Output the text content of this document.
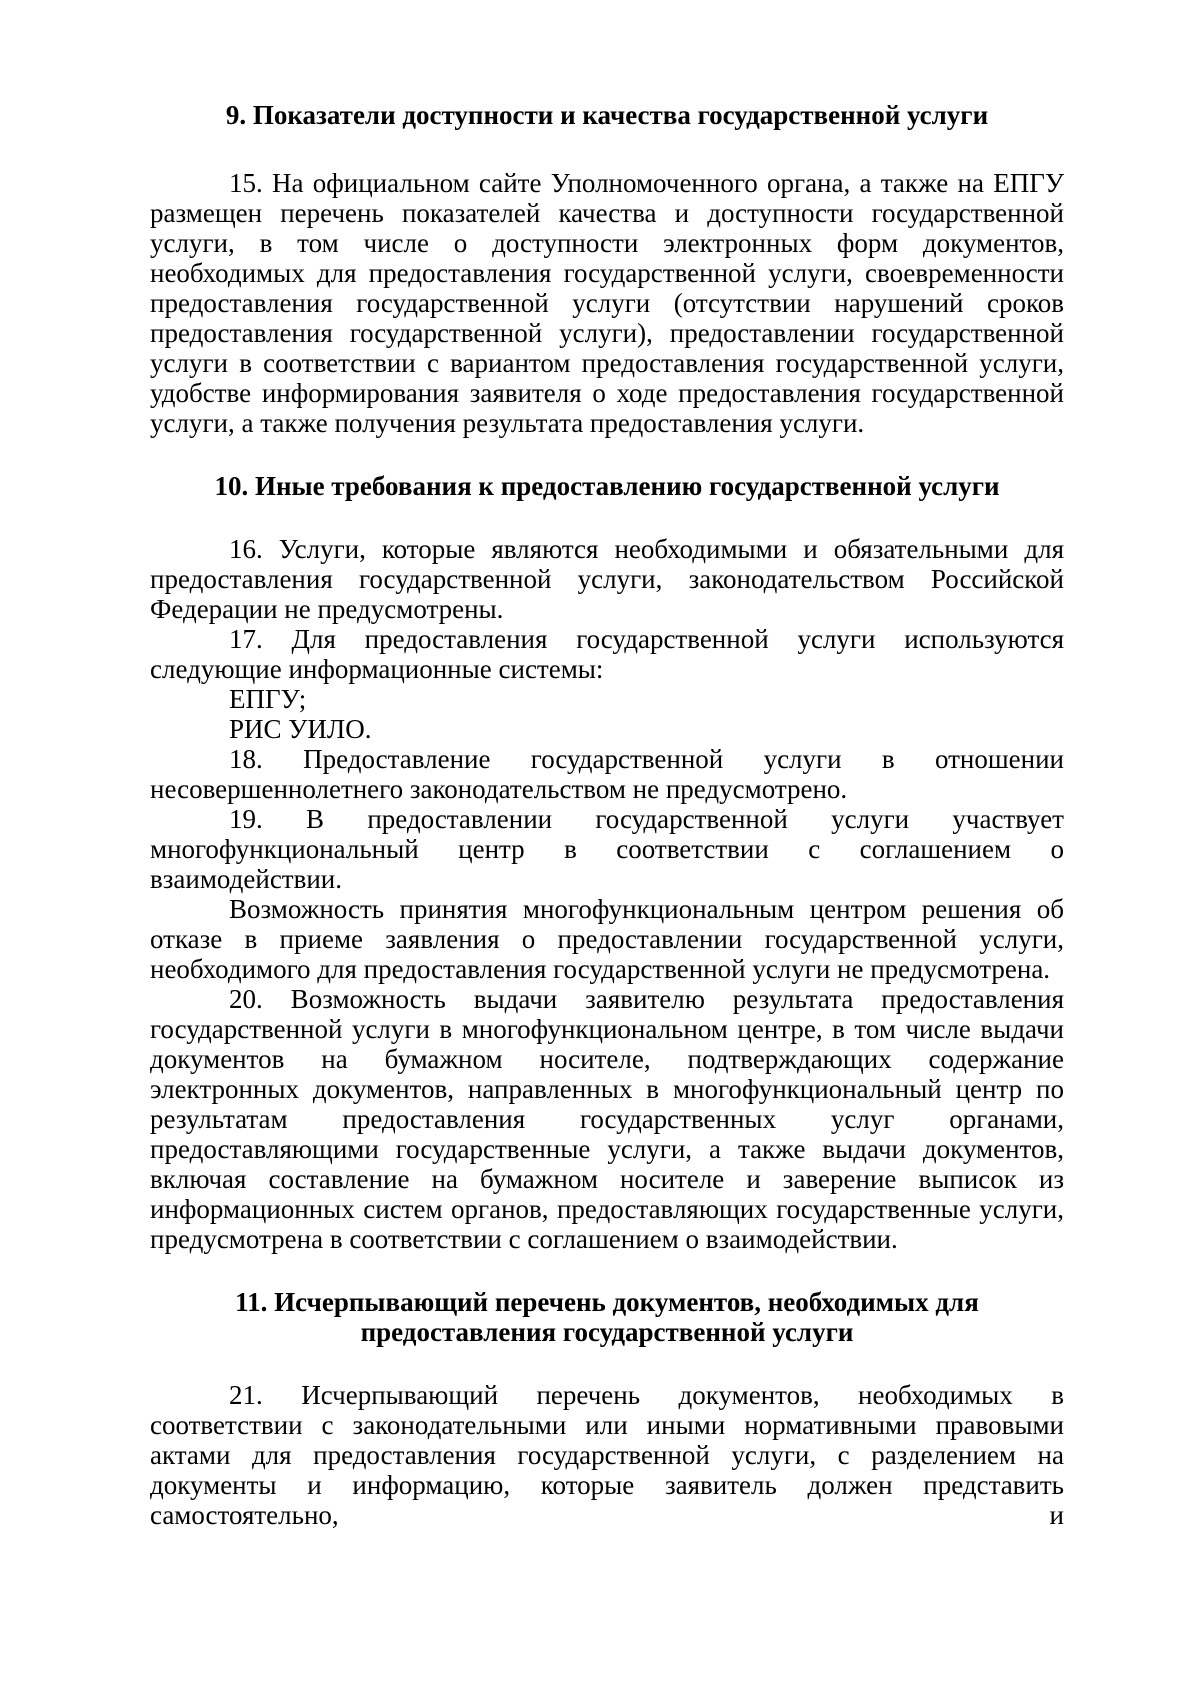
9. Показатели доступности и качества государственной услуги

15. На официальном сайте Уполномоченного органа, а также на ЕПГУ размещен перечень показателей качества и доступности государственной услуги, в том числе о доступности электронных форм документов, необходимых для предоставления государственной услуги, своевременности предоставления государственной услуги (отсутствии нарушений сроков предоставления государственной услуги), предоставлении государственной услуги в соответствии с вариантом предоставления государственной услуги, удобстве информирования заявителя о ходе предоставления государственной услуги, а также получения результата предоставления услуги.

10. Иные требования к предоставлению государственной услуги

16. Услуги, которые являются необходимыми и обязательными для предоставления государственной услуги, законодательством Российской Федерации не предусмотрены.

17. Для предоставления государственной услуги используются следующие информационные системы:

ЕПГУ;

РИС УИЛО.

18. Предоставление государственной услуги в отношении несовершеннолетнего законодательством не предусмотрено.

19. В предоставлении государственной услуги участвует многофункциональный центр в соответствии с соглашением о взаимодействии.

Возможность принятия многофункциональным центром решения об отказе в приеме заявления о предоставлении государственной услуги, необходимого для предоставления государственной услуги не предусмотрена.

20. Возможность выдачи заявителю результата предоставления государственной услуги в многофункциональном центре, в том числе выдачи документов на бумажном носителе, подтверждающих содержание электронных документов, направленных в многофункциональный центр по результатам предоставления государственных услуг органами, предоставляющими государственные услуги, а также выдачи документов, включая составление на бумажном носителе и заверение выписок из информационных систем органов, предоставляющих государственные услуги, предусмотрена в соответствии с соглашением о взаимодействии.

11. Исчерпывающий перечень документов, необходимых для предоставления государственной услуги

21. Исчерпывающий перечень документов, необходимых в соответствии с законодательными или иными нормативными правовыми актами для предоставления государственной услуги, с разделением на документы и информацию, которые заявитель должен представить самостоятельно, и
